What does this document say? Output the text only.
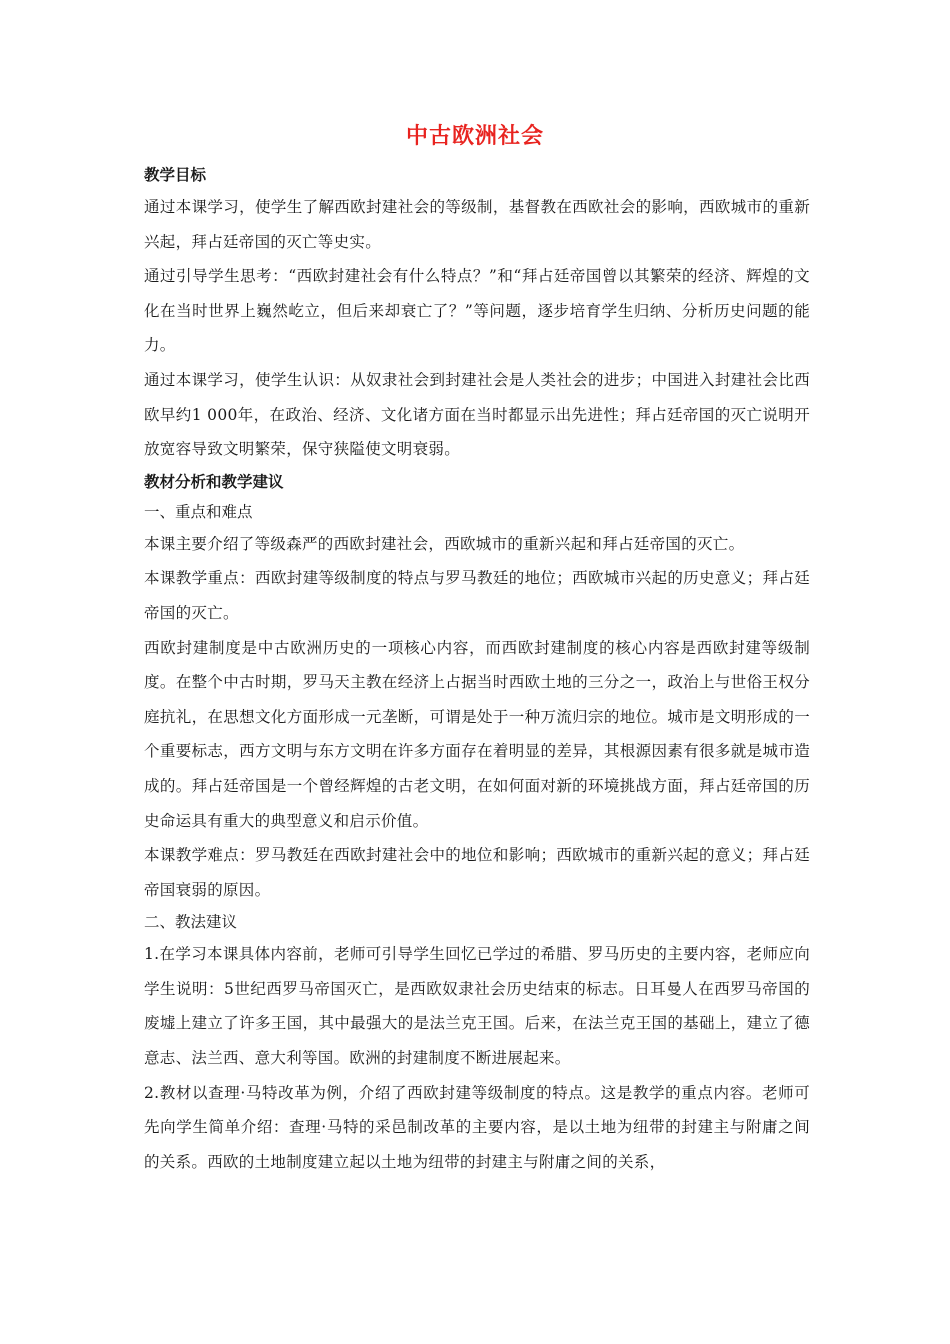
中古欧洲社会

教学目标

通过本课学习，使学生了解西欧封建社会的等级制，基督教在西欧社会的影响，西欧城市的重新兴起，拜占廷帝国的灭亡等史实。

通过引导学生思考：“西欧封建社会有什么特点？”和“拜占廷帝国曾以其繁荣的经济、辉煌的文化在当时世界上巍然屹立，但后来却衰亡了？”等问题，逐步培育学生归纳、分析历史问题的能力。

通过本课学习，使学生认识：从奴隶社会到封建社会是人类社会的进步；中国进入封建社会比西欧早约1 000年，在政治、经济、文化诸方面在当时都显示出先进性；拜占廷帝国的灭亡说明开放宽容导致文明繁荣，保守狭隘使文明衰弱。

教材分析和教学建议

一、重点和难点

本课主要介绍了等级森严的西欧封建社会，西欧城市的重新兴起和拜占廷帝国的灭亡。

本课教学重点：西欧封建等级制度的特点与罗马教廷的地位；西欧城市兴起的历史意义；拜占廷帝国的灭亡。

西欧封建制度是中古欧洲历史的一项核心内容，而西欧封建制度的核心内容是西欧封建等级制度。在整个中古时期，罗马天主教在经济上占据当时西欧土地的三分之一，政治上与世俗王权分庭抗礼，在思想文化方面形成一元垄断，可谓是处于一种万流归宗的地位。城市是文明形成的一个重要标志，西方文明与东方文明在许多方面存在着明显的差异，其根源因素有很多就是城市造成的。拜占廷帝国是一个曾经辉煌的古老文明，在如何面对新的环境挑战方面，拜占廷帝国的历史命运具有重大的典型意义和启示价值。

本课教学难点：罗马教廷在西欧封建社会中的地位和影响；西欧城市的重新兴起的意义；拜占廷帝国衰弱的原因。

二、教法建议

1.在学习本课具体内容前，老师可引导学生回忆已学过的希腊、罗马历史的主要内容，老师应向学生说明：5世纪西罗马帝国灭亡，是西欧奴隶社会历史结束的标志。日耳曼人在西罗马帝国的废墟上建立了许多王国，其中最强大的是法兰克王国。后来，在法兰克王国的基础上，建立了德意志、法兰西、意大利等国。欧洲的封建制度不断进展起来。

2.教材以查理·马特改革为例，介绍了西欧封建等级制度的特点。这是教学的重点内容。老师可先向学生简单介绍：查理·马特的采邑制改革的主要内容，是以土地为纽带的封建主与附庸之间的关系。西欧的土地制度建立起以土地为纽带的封建主与附庸之间的关系，
